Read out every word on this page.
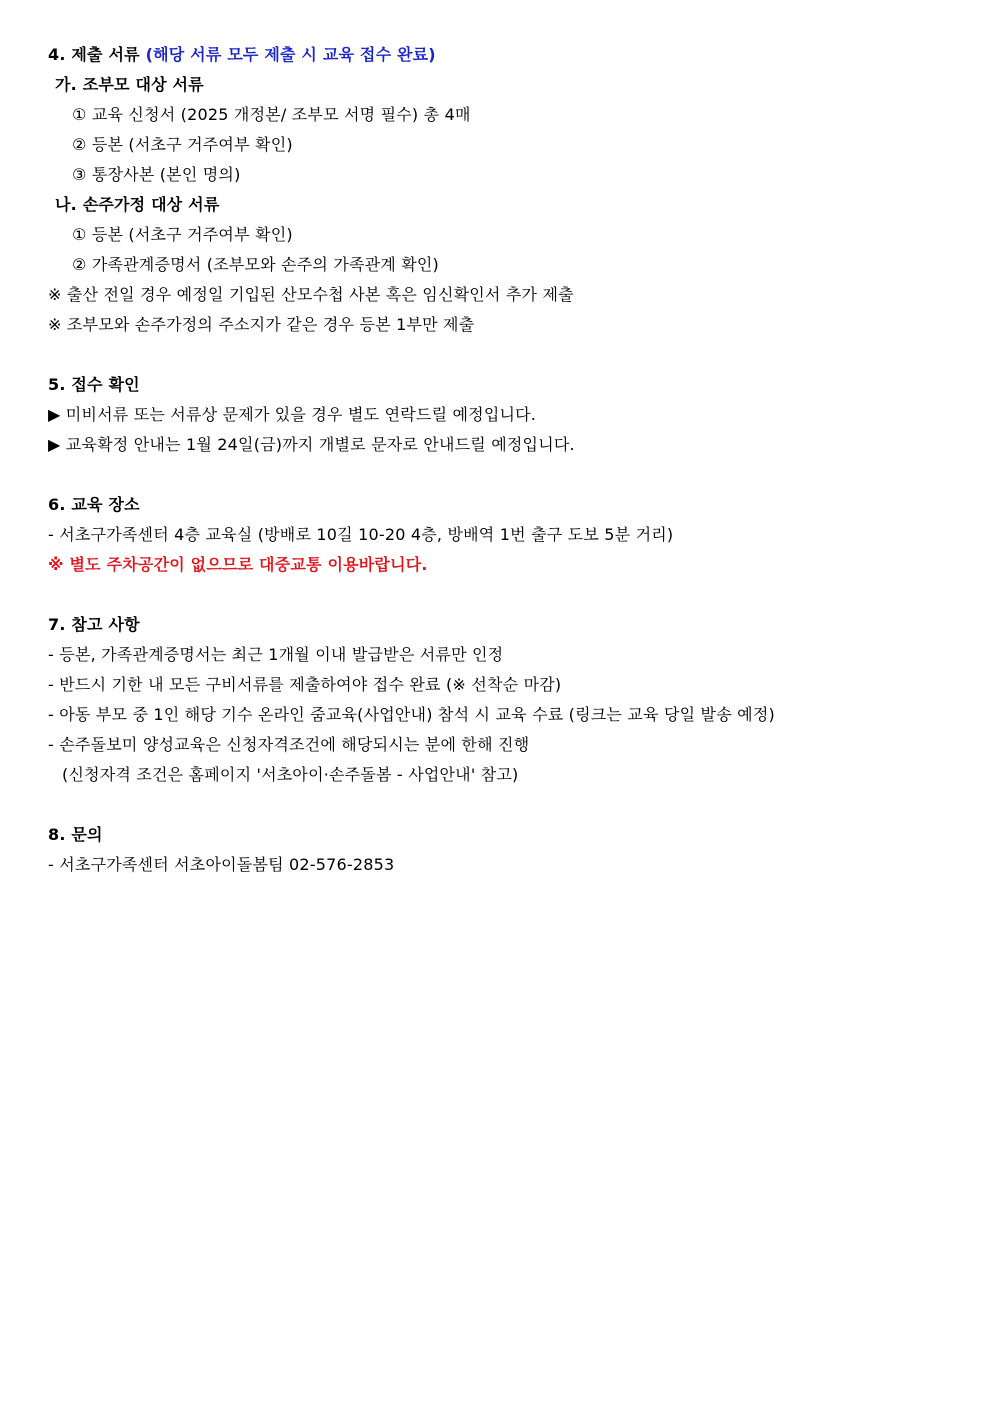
4. 제출 서류 (해당 서류 모두 제출 시 교육 접수 완료)
가. 조부모 대상 서류
① 교육 신청서 (2025 개정본/ 조부모 서명 필수) 총 4매
② 등본 (서초구 거주여부 확인)
③ 통장사본 (본인 명의)
나. 손주가정 대상 서류
① 등본 (서초구 거주여부 확인)
② 가족관계증명서 (조부모와 손주의 가족관계 확인)
※ 출산 전일 경우 예정일 기입된 산모수첩 사본 혹은 임신확인서 추가 제출
※ 조부모와 손주가정의 주소지가 같은 경우 등본 1부만 제출
5. 접수 확인
▶ 미비서류 또는 서류상 문제가 있을 경우 별도 연락드릴 예정입니다.
▶ 교육확정 안내는 1월 24일(금)까지 개별로 문자로 안내드릴 예정입니다.
6. 교육 장소
- 서초구가족센터 4층 교육실 (방배로 10길 10-20 4층, 방배역 1번 출구 도보 5분 거리)
※ 별도 주차공간이 없으므로 대중교통 이용바랍니다.
7. 참고 사항
- 등본, 가족관계증명서는 최근 1개월 이내 발급받은 서류만 인정
- 반드시 기한 내 모든 구비서류를 제출하여야 접수 완료 (※ 선착순 마감)
- 아동 부모 중 1인 해당 기수 온라인 줌교육(사업안내) 참석 시 교육 수료 (링크는 교육 당일 발송 예정)
- 손주돌보미 양성교육은 신청자격조건에 해당되시는 분에 한해 진행
(신청자격 조건은 홈페이지 '서초아이·손주돌봄 - 사업안내' 참고)
8. 문의
- 서초구가족센터 서초아이돌봄팀 02-576-2853
